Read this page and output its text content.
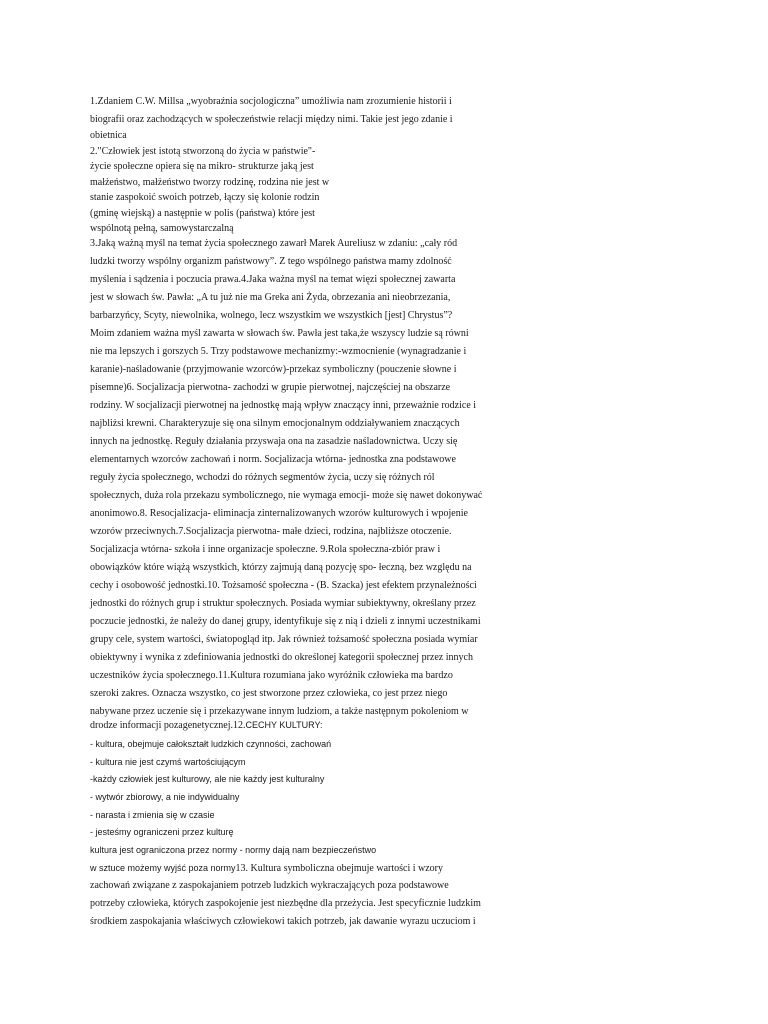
1.Zdaniem C.W. Millsa „wyobraźnia socjologiczna” umożliwia nam zrozumienie historii i
biografii oraz zachodzących w społeczeństwie relacji między nimi. Takie jest jego zdanie i
obietnica
2."Człowiek jest istotą stworzoną do życia w państwie"-
życie społeczne opiera się na mikro- strukturze jaką jest
małżeństwo, małżeństwo tworzy rodzinę, rodzina nie jest w
stanie zaspokoić swoich potrzeb, łączy się kolonie rodzin
(gminę wiejską) a następnie w polis (państwa) które jest
wspólnotą pełną, samowystarczalną
3.Jaką ważną myśl na temat życia społecznego zawarł Marek Aureliusz w zdaniu: „cały ród
ludzki tworzy wspólny organizm państwowy”. Z tego wspólnego państwa mamy zdolność
myślenia i sądzenia i poczucia prawa.4.Jaka ważna myśl na temat więzi społecznej zawarta
jest w słowach św. Pawła: „A tu już nie ma Greka ani Żyda, obrzezania ani nieobrzezania,
barbarzyńcy, Scyty, niewolnika, wolnego, lecz wszystkim we wszystkich [jest] Chrystus”?
Moim zdaniem ważna myśl zawarta w słowach św. Pawła jest taka,że wszyscy ludzie są równi
nie ma lepszych i gorszych 5. Trzy podstawowe mechanizmy:-wzmocnienie (wynagradzanie i
karanie)-naśladowanie (przyjmowanie wzorców)-przekaz symboliczny (pouczenie słowne i
pisemne)6. Socjalizacja pierwotna- zachodzi w grupie pierwotnej, najczęściej na obszarze
rodziny. W socjalizacji pierwotnej na jednostkę mają wpływ znaczący inni, przeważnie rodzice i
najbliżsi krewni. Charakteryzuje się ona silnym emocjonalnym oddziaływaniem znaczących
innych na jednostkę. Reguły działania przyswaja ona na zasadzie naśladownictwa. Uczy się
elementarnych wzorców zachowań i norm. Socjalizacja wtórna- jednostka zna podstawowe
reguły życia społecznego, wchodzi do różnych segmentów życia, uczy się różnych ról
społecznych, duża rola przekazu symbolicznego, nie wymaga emocji- może się nawet dokonywać
anonimowo.8. Resocjalizacja- eliminacja zinternalizowanych wzorów kulturowych i wpojenie
wzorów przeciwnych.7.Socjalizacja pierwotna- małe dzieci, rodzina, najbliższe otoczenie.
Socjalizacja wtórna- szkoła i inne organizacje społeczne. 9.Rola społeczna-zbiór praw i
obowiązków które wiążą wszystkich, którzy zajmują daną pozycję spo- łeczną, bez względu na
cechy i osobowość jednostki.10. Tożsamość społeczna - (B. Szacka) jest efektem przynależności
jednostki do różnych grup i struktur społecznych. Posiada wymiar subiektywny, określany przez
poczucie jednostki, że należy do danej grupy, identyfikuje się z nią i dzieli z innymi uczestnikami
grupy cele, system wartości, światopogląd itp. Jak również tożsamość społeczna posiada wymiar
obiektywny i wynika z zdefiniowania jednostki do określonej kategorii społecznej przez innych
uczestników życia społecznego.11.Kultura rozumiana jako wyróżnik człowieka ma bardzo
szeroki zakres. Oznacza wszystko, co jest stworzone przez człowieka, co jest przez niego
nabywane przez uczenie się i przekazywane innym ludziom, a także następnym pokoleniom w
drodze informacji pozagenetycznej.12.CECHY KULTURY:
- kultura, obejmuje całokształt ludzkich czynności, zachowań
- kultura nie jest czymś wartościującym
-każdy człowiek jest kulturowy, ale nie każdy jest kulturalny
- wytwór zbiorowy, a nie indywidualny
- narasta i zmienia się w czasie
- jesteśmy ograniczeni przez kulturę
kultura jest ograniczona przez normy - normy dają nam bezpieczeństwo
w sztuce możemy wyjść poza normy13. Kultura symboliczna obejmuje wartości i wzory
zachowań związane z zaspokajaniem potrzeb ludzkich wykraczających poza podstawowe
potrzeby człowieka, których zaspokojenie jest niezbędne dla przeżycia. Jest specyficznie ludzkim
środkiem zaspokajania właściwych człowiekowi takich potrzeb, jak dawanie wyrazu uczuciom i
